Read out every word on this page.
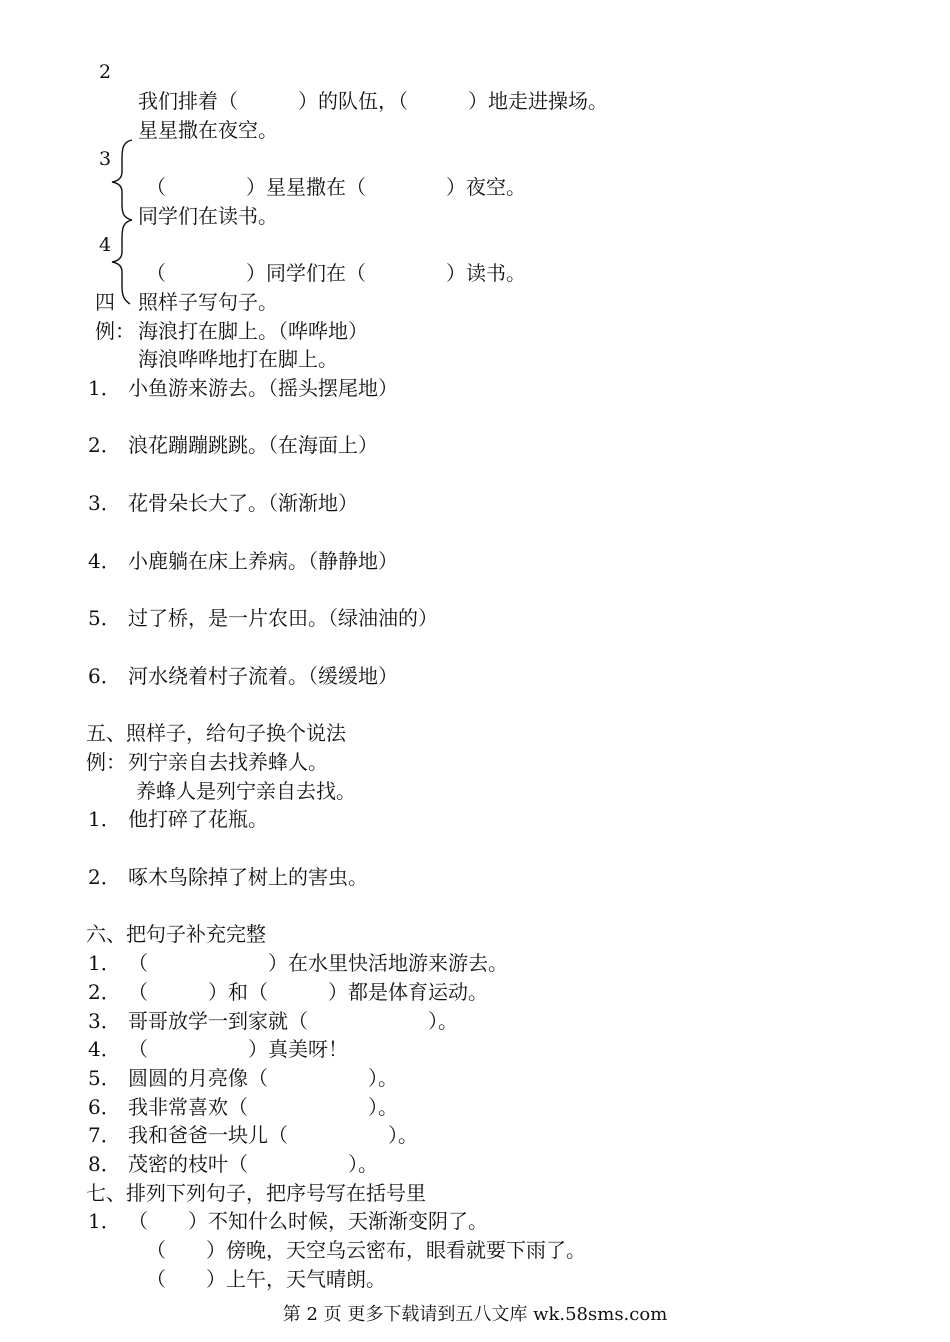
2
我们排着（　　　）的队伍，（　　　）地走进操场。
星星撒在夜空。
3
（　　　　）星星撒在（　　　　）夜空。
同学们在读书。
4
（　　　　）同学们在（　　　　）读书。
四 照样子写句子。
例： 海浪打在脚上。（哗哗地）
海浪哗哗地打在脚上。
1． 小鱼游来游去。（摇头摆尾地）
2． 浪花蹦蹦跳跳。（在海面上）
3． 花骨朵长大了。（渐渐地）
4． 小鹿躺在床上养病。（静静地）
5． 过了桥，是一片农田。（绿油油的）
6． 河水绕着村子流着。（缓缓地）
五、照样子，给句子换个说法
例： 列宁亲自去找养蜂人。
养蜂人是列宁亲自去找。
1． 他打碎了花瓶。
2． 啄木鸟除掉了树上的害虫。
六、把句子补充完整
1． （　　　　　　）在水里快活地游来游去。
2． （　　　）和（　　　）都是体育运动。
3． 哥哥放学一到家就（　　　　　　）。
4． （　　　　　）真美呀！
5． 圆圆的月亮像（　　　　　）。
6． 我非常喜欢（　　　　　　）。
7． 我和爸爸一块儿（　　　　　）。
8． 茂密的枝叶（　　　　　）。
七、排列下列句子，把序号写在括号里
1． （　　）不知什么时候，天渐渐变阴了。
（　　）傍晚，天空乌云密布，眼看就要下雨了。
（　　）上午，天气晴朗。
第 2 页 更多下载请到五八文库 wk.58sms.com
